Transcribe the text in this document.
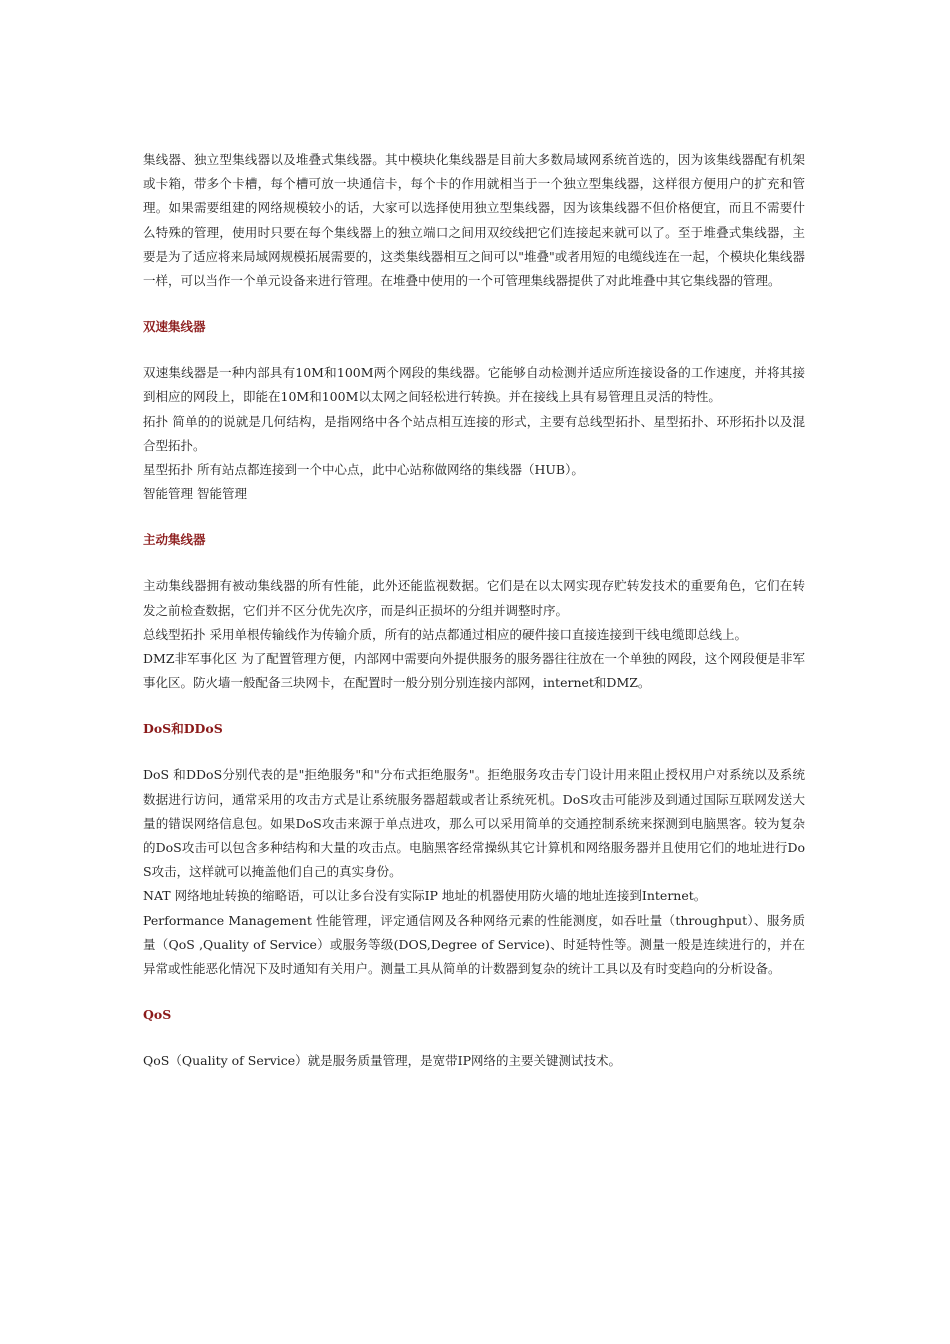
集线器、独立型集线器以及堆叠式集线器。其中模块化集线器是目前大多数局域网系统首选的，因为该集线器配有机架或卡箱，带多个卡槽，每个槽可放一块通信卡，每个卡的作用就相当于一个独立型集线器，这样很方便用户的扩充和管理。如果需要组建的网络规模较小的话，大家可以选择使用独立型集线器，因为该集线器不但价格便宜，而且不需要什么特殊的管理，使用时只要在每个集线器上的独立端口之间用双绞线把它们连接起来就可以了。至于堆叠式集线器，主要是为了适应将来局域网规模拓展需要的，这类集线器相互之间可以"堆叠"或者用短的电缆线连在一起，个模块化集线器一样，可以当作一个单元设备来进行管理。在堆叠中使用的一个可管理集线器提供了对此堆叠中其它集线器的管理。

双速集线器

双速集线器是一种内部具有10M和100M两个网段的集线器。它能够自动检测并适应所连接设备的工作速度，并将其接到相应的网段上，即能在10M和100M以太网之间轻松进行转换。并在接线上具有易管理且灵活的特性。

拓扑 简单的的说就是几何结构，是指网络中各个站点相互连接的形式，主要有总线型拓扑、星型拓扑、环形拓扑以及混合型拓扑。

星型拓扑 所有站点都连接到一个中心点，此中心站称做网络的集线器（HUB）。

智能管理 智能管理

主动集线器

主动集线器拥有被动集线器的所有性能，此外还能监视数据。它们是在以太网实现存贮转发技术的重要角色，它们在转发之前检查数据，它们并不区分优先次序，而是纠正损坏的分组并调整时序。

总线型拓扑 采用单根传输线作为传输介质，所有的站点都通过相应的硬件接口直接连接到干线电缆即总线上。

DMZ非军事化区 为了配置管理方便，内部网中需要向外提供服务的服务器往往放在一个单独的网段，这个网段便是非军事化区。防火墙一般配备三块网卡，在配置时一般分别分别连接内部网，internet和DMZ。

DoS和DDoS

DoS 和DDoS分别代表的是"拒绝服务"和"分布式拒绝服务"。拒绝服务攻击专门设计用来阻止授权用户对系统以及系统数据进行访问，通常采用的攻击方式是让系统服务器超载或者让系统死机。DoS攻击可能涉及到通过国际互联网发送大量的错误网络信息包。如果DoS攻击来源于单点进攻，那么可以采用简单的交通控制系统来探测到电脑黑客。较为复杂的DoS攻击可以包含多种结构和大量的攻击点。电脑黑客经常操纵其它计算机和网络服务器并且使用它们的地址进行DoS攻击，这样就可以掩盖他们自己的真实身份。

NAT 网络地址转换的缩略语，可以让多台没有实际IP 地址的机器使用防火墙的地址连接到Internet。

Performance Management 性能管理，评定通信网及各种网络元素的性能测度，如吞吐量（throughput）、服务质量（QoS ,Quality of Service）或服务等级(DOS,Degree of Service)、时延特性等。测量一般是连续进行的，并在异常或性能恶化情况下及时通知有关用户。测量工具从简单的计数器到复杂的统计工具以及有时变趋向的分析设备。

QoS

QoS（Quality of Service）就是服务质量管理，是宽带IP网络的主要关键测试技术。
